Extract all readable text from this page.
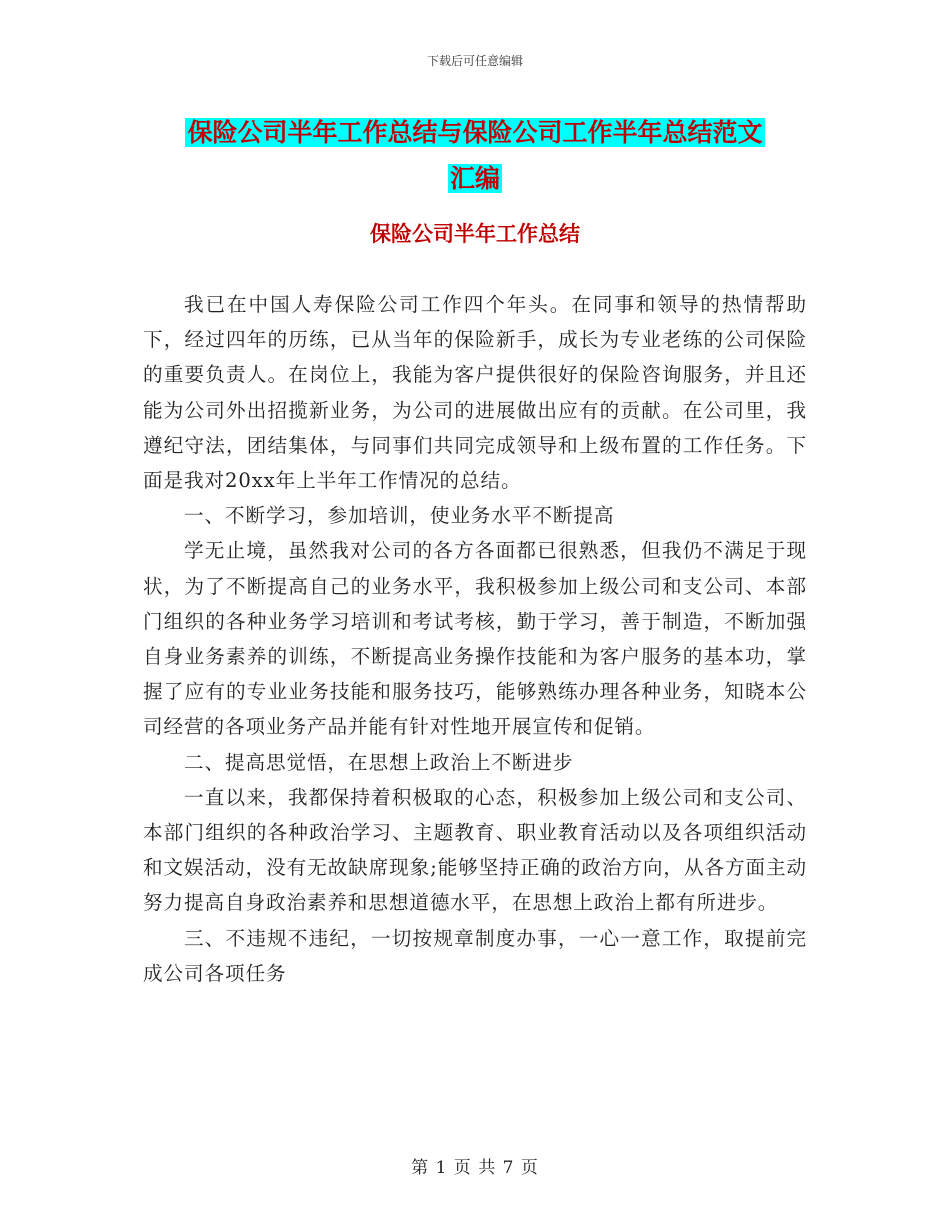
下载后可任意编辑
保险公司半年工作总结与保险公司工作半年总结范文
汇编
保险公司半年工作总结

我已在中国人寿保险公司工作四个年头。在同事和领导的热情帮助下，经过四年的历练，已从当年的保险新手，成长为专业老练的公司保险的重要负责人。在岗位上，我能为客户提供很好的保险咨询服务，并且还能为公司外出招揽新业务，为公司的进展做出应有的贡献。在公司里，我遵纪守法，团结集体，与同事们共同完成领导和上级布置的工作任务。下面是我对20xx年上半年工作情况的总结。

一、不断学习，参加培训，使业务水平不断提高

学无止境，虽然我对公司的各方各面都已很熟悉，但我仍不满足于现状，为了不断提高自己的业务水平，我积极参加上级公司和支公司、本部门组织的各种业务学习培训和考试考核，勤于学习，善于制造，不断加强自身业务素养的训练，不断提高业务操作技能和为客户服务的基本功，掌握了应有的专业业务技能和服务技巧，能够熟练办理各种业务，知晓本公司经营的各项业务产品并能有针对性地开展宣传和促销。

二、提高思觉悟，在思想上政治上不断进步

一直以来，我都保持着积极取的心态，积极参加上级公司和支公司、本部门组织的各种政治学习、主题教育、职业教育活动以及各项组织活动和文娱活动，没有无故缺席现象;能够坚持正确的政治方向，从各方面主动努力提高自身政治素养和思想道德水平，在思想上政治上都有所进步。

三、不违规不违纪，一切按规章制度办事，一心一意工作，取提前完成公司各项任务

第 1 页 共 7 页
